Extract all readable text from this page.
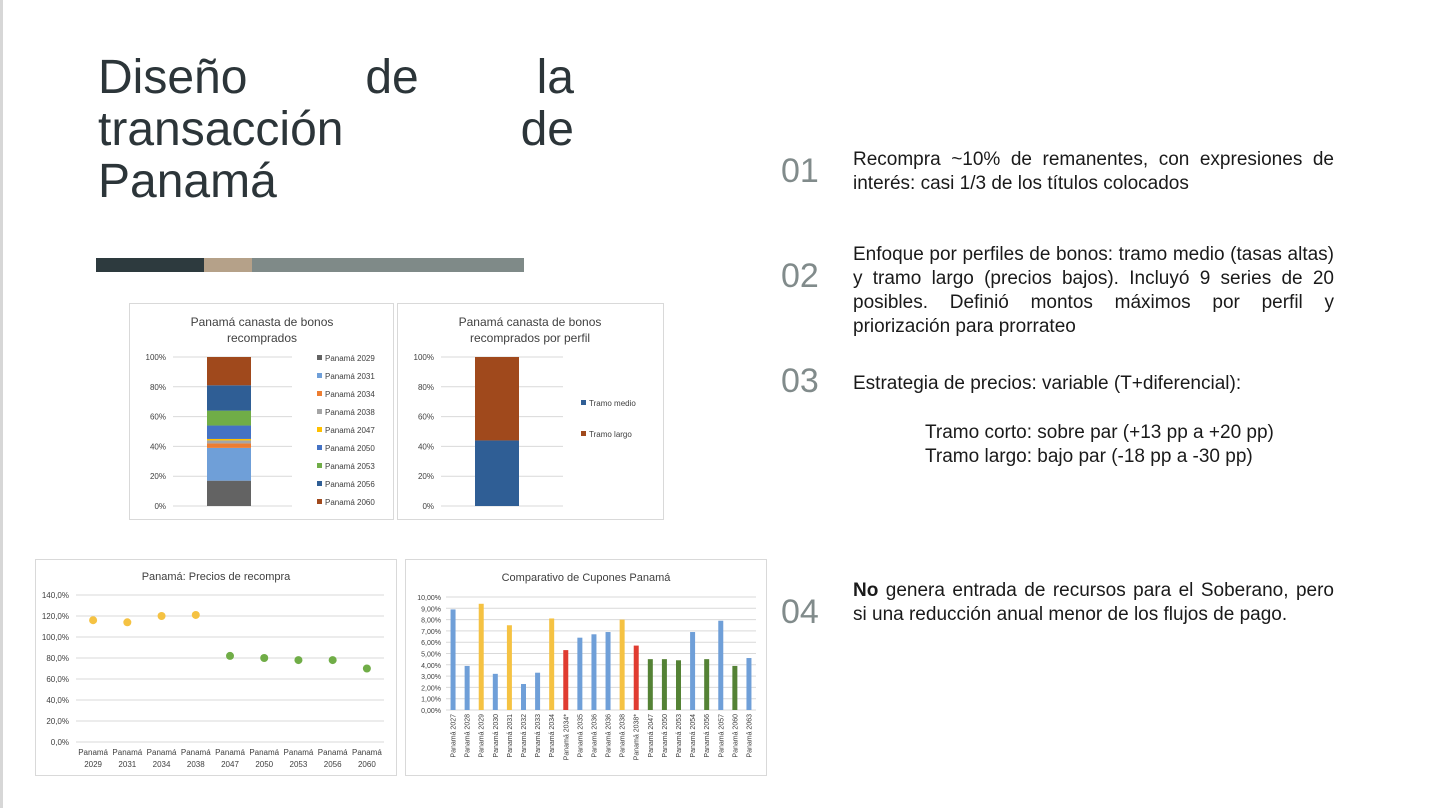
Diseño de la transacción de Panamá
Panamá canasta de bonos
recomprados
0%
20%
40%
60%
80%
100%	Panamá 2029
Panamá 2031
Panamá 2034
Panamá 2038
Panamá 2047
Panamá 2050
Panamá 2053
Panamá 2056
Panamá 2060
Panamá canasta de bonos
recomprados por perfil
0%
20%
40%
60%
80%
100%
Tramo medio
Tramo largo
Panamá: Precios de recompra
0,0%
20,0%
40,0%
60,0%
80,0%
100,0%
120,0%
140,0%
Panamá
2029
Panamá
2031
Panamá
2034
Panamá
2038
Panamá
2047
Panamá
2050
Panamá
2053
Panamá
2056
Panamá
2060
Comparativo de Cupones Panamá
0,00%
1,00%
2,00%
3,00%
4,00%
5,00%
6,00%
7,00%
8,00%
9,00%
10,00%
Panamá 2027 Panamá 2028 Panamá 2029 Panamá 2030 Panamá 2031 Panamá 2032 Panamá 2033 Panamá 2034 Panamá 2034* Panamá 2035 Panamá 2036 Panamá 2036 Panamá 2038 Panamá 2038* Panamá 2047 Panamá 2050 Panamá 2053 Panamá 2054 Panamá 2056 Panamá 2057 Panamá 2060 Panamá 2063
01 Recompra ~10% de remanentes, con expresiones de interés: casi 1/3 de los títulos colocados
02
Enfoque por perfiles de bonos: tramo medio (tasas altas) y tramo largo (precios bajos). Incluyó 9 series de 20 posibles. Definió montos máximos por perfil y priorización para prorrateo
03 Estrategia de precios: variable (T+diferencial):
Tramo corto: sobre par (+13 pp a +20 pp)
Tramo largo: bajo par (-18 pp a -30 pp)
04
No genera entrada de recursos para el Soberano, pero si una reducción anual menor de los flujos de pago.
